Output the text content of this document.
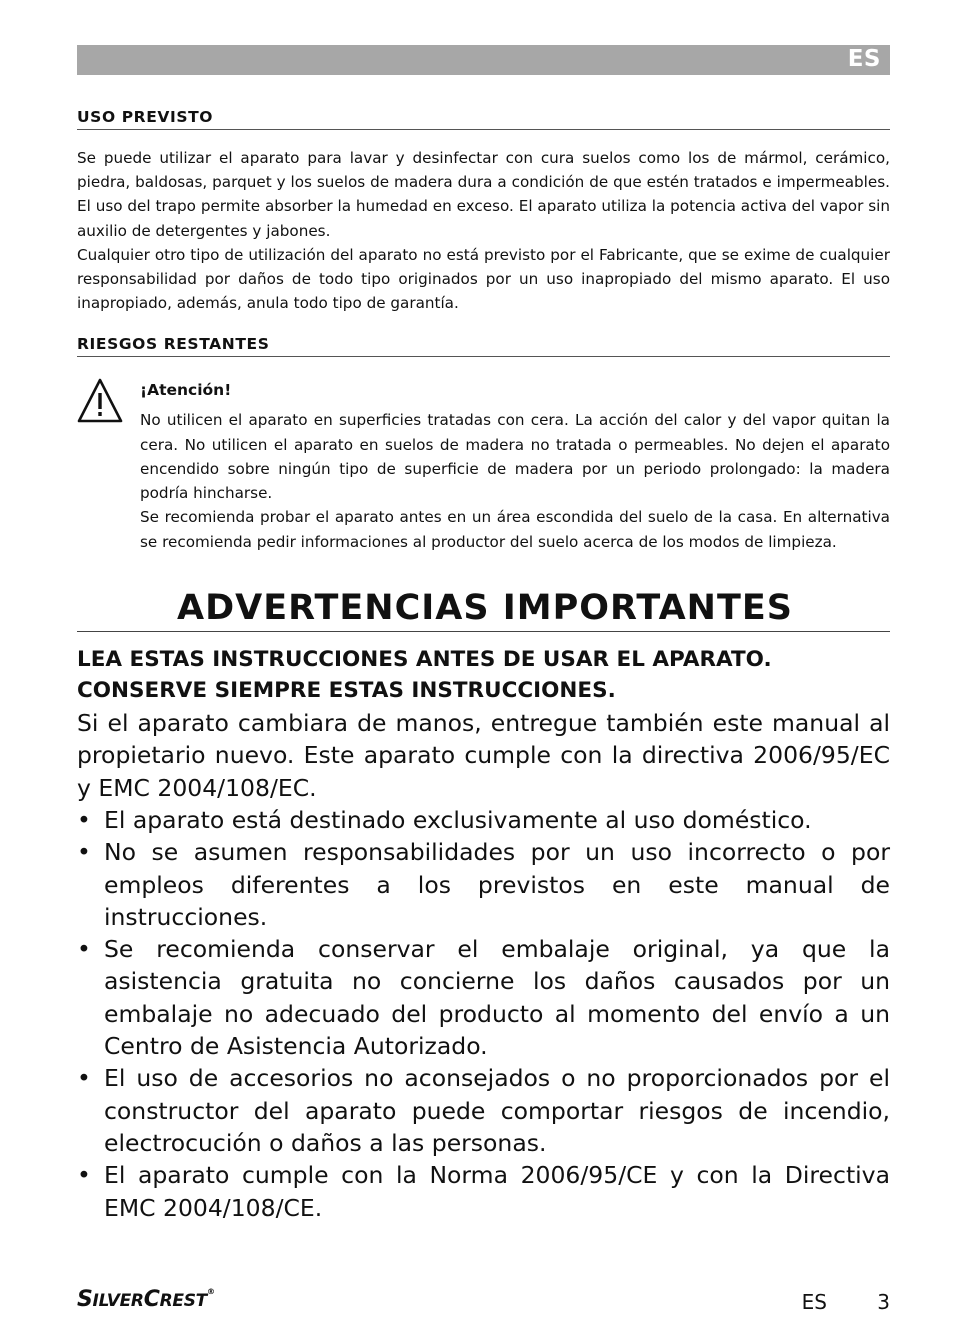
ES
USO PREVISTO

Se puede utilizar el aparato para lavar y desinfectar con cura suelos como los de mármol, cerámico, piedra, baldosas, parquet y los suelos de madera dura a condición de que estén tratados e impermeables. El uso del trapo permite absorber la humedad en exceso. El aparato utiliza la potencia activa del vapor sin auxilio de detergentes y jabones.

Cualquier otro tipo de utilización del aparato no está previsto por el Fabricante, que se exime de cualquier responsabilidad por daños de todo tipo originados por un uso inapropiado del mismo aparato. El uso inapropiado, además, anula todo tipo de garantía.

RIESGOS RESTANTES
¡Atención!

No utilicen el aparato en superficies tratadas con cera. La acción del calor y del vapor quitan la cera. No utilicen el aparato en suelos de madera no tratada o permeables. No dejen el aparato encendido sobre ningún tipo de superficie de madera por un periodo prolongado: la madera podría hincharse.

Se recomienda probar el aparato antes en un área escondida del suelo de la casa. En alternativa se recomienda pedir informaciones al productor del suelo acerca de los modos de limpieza.

ADVERTENCIAS IMPORTANTES
LEA ESTAS INSTRUCCIONES ANTES DE USAR EL APARATO.
CONSERVE SIEMPRE ESTAS INSTRUCCIONES.

Si el aparato cambiara de manos, entregue también este manual al propietario nuevo. Este aparato cumple con la directiva 2006/95/EC y EMC 2004/108/EC.

• El aparato está destinado exclusivamente al uso doméstico.
• No se asumen responsabilidades por un uso incorrecto o por empleos diferentes a los previstos en este manual de instrucciones.
• Se recomienda conservar el embalaje original, ya que la asistencia gratuita no concierne los daños causados por un embalaje no adecuado del producto al momento del envío a un Centro de Asistencia Autorizado.
• El uso de accesorios no aconsejados o no proporcionados por el constructor del aparato puede comportar riesgos de incendio, electrocución o daños a las personas.
• El aparato cumple con la Norma 2006/95/CE y con la Directiva EMC 2004/108/CE.
SILVERCREST®	ES	3
